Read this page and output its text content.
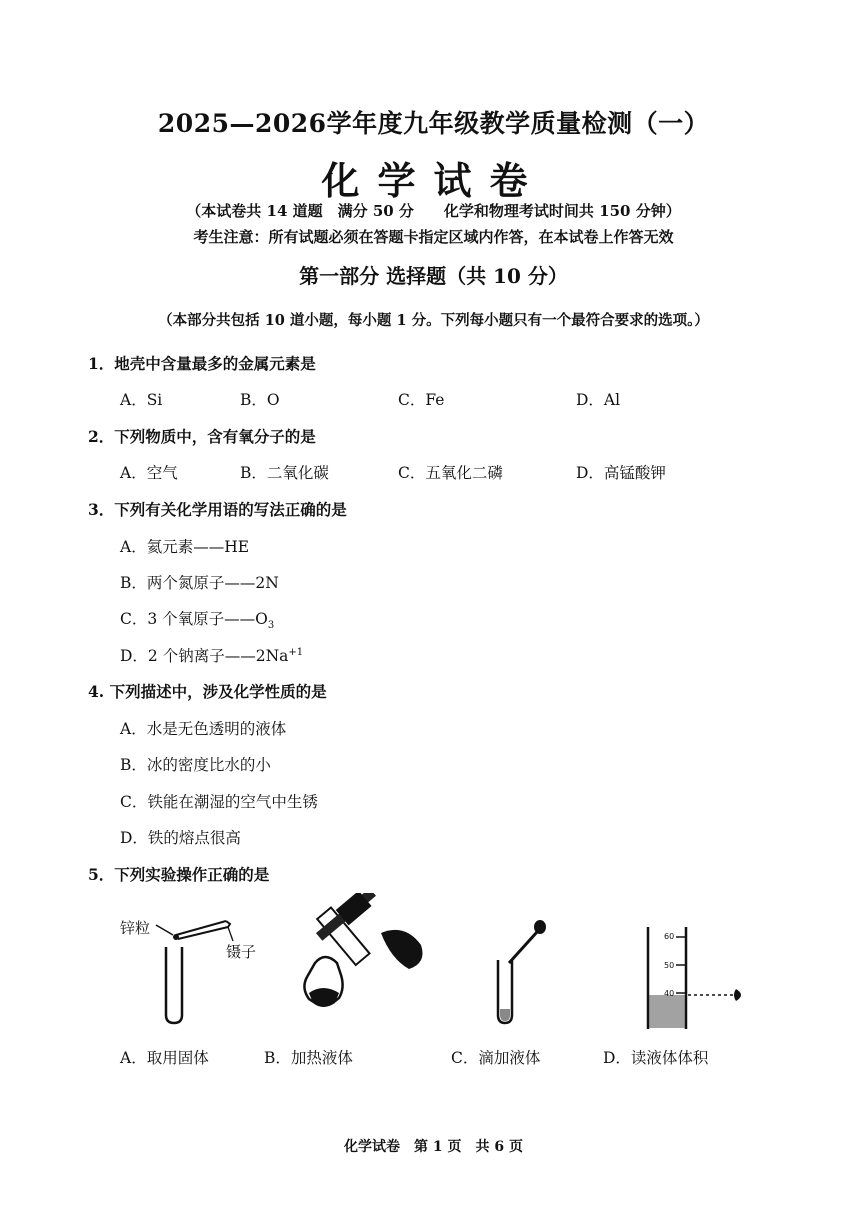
2025—2026学年度九年级教学质量检测（一）
化学试卷
（本试卷共 14 道题　满分 50 分　　化学和物理考试时间共 150 分钟）
考生注意：所有试题必须在答题卡指定区域内作答，在本试卷上作答无效
第一部分 选择题（共 10 分）
（本部分共包括 10 道小题，每小题 1 分。下列每小题只有一个最符合要求的选项。）
1．地壳中含量最多的金属元素是
A．Si	B．O	C．Fe	D．Al
2．下列物质中，含有氧分子的是
A．空气	B．二氧化碳	C．五氧化二磷	D．高锰酸钾
3．下列有关化学用语的写法正确的是
A．氦元素——HE
B．两个氮原子——2N
C．3 个氧原子$——O_3$
D．2 个钠离子$——2Na^{+1}$
4. 下列描述中，涉及化学性质的是
A．水是无色透明的液体
B．冰的密度比水的小
C．铁能在潮湿的空气中生锈
D．铁的熔点很高
5．下列实验操作正确的是
锌粒
镊子
60
50
40
A．取用固体	B．加热液体	C．滴加液体	D．读液体体积
化学试卷　第 1 页　共 6 页
